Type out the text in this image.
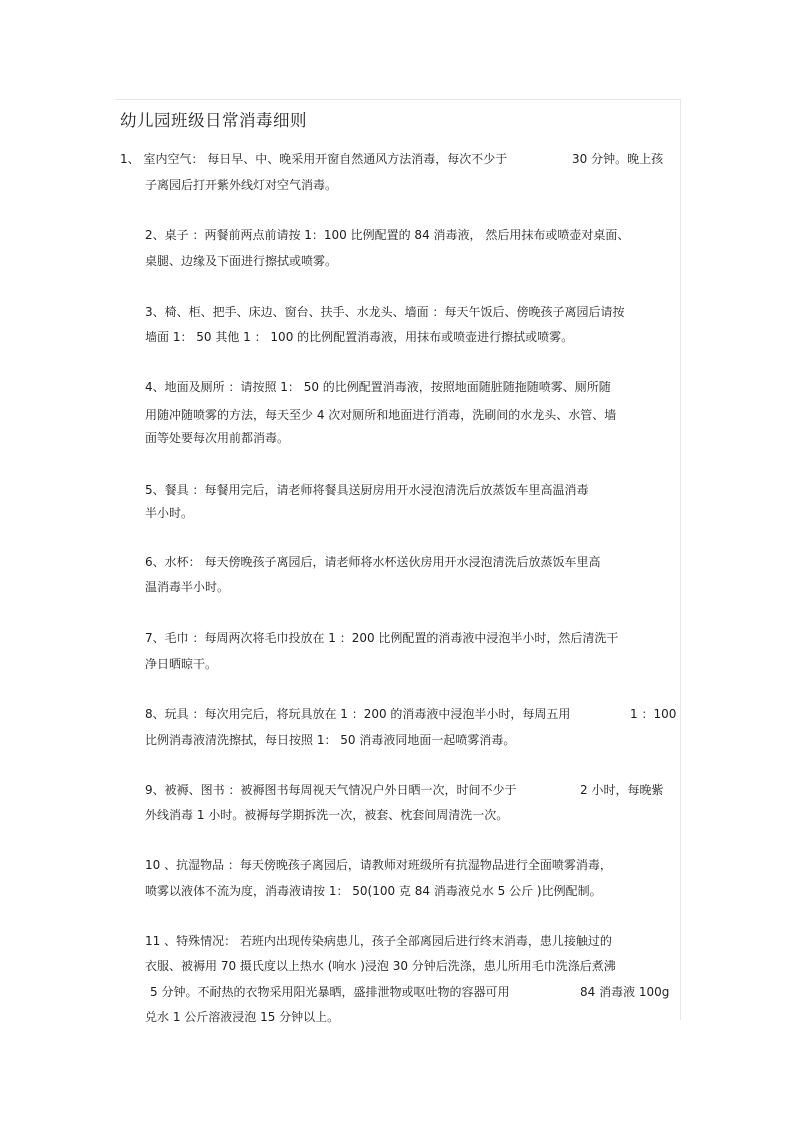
幼儿园班级日常消毒细则
1、 室内空气： 每日早、中、晚采用开窗自然通风方法消毒，每次不少于	30 分钟。晚上孩
子离园后打开紫外线灯对空气消毒。
2、桌子 ：两餐前两点前请按 1：100 比例配置的 84 消毒液， 然后用抹布或喷壶对桌面、
桌腿、边缘及下面进行擦拭或喷雾。
3、椅、柜、把手、床边、窗台、扶手、水龙头、墙面 ：每天午饭后、傍晚孩子离园后请按
墙面 1： 50 其他 1 ： 100 的比例配置消毒液，用抹布或喷壶进行擦拭或喷雾。
4、地面及厕所 ：请按照 1： 50 的比例配置消毒液，按照地面随脏随拖随喷雾、厕所随
用随冲随喷雾的方法，每天至少 4 次对厕所和地面进行消毒，洗刷间的水龙头、水管、墙
面等处要每次用前都消毒。
5、餐具 ：每餐用完后，请老师将餐具送厨房用开水浸泡清洗后放蒸饭车里高温消毒
半小时。
6、水杯： 每天傍晚孩子离园后，请老师将水杯送伙房用开水浸泡清洗后放蒸饭车里高
温消毒半小时。
7、毛巾 ：每周两次将毛巾投放在 1 ：200 比例配置的消毒液中浸泡半小时，然后清洗干
净日晒晾干。
8、玩具 ：每次用完后，将玩具放在 1 ：200 的消毒液中浸泡半小时，每周五用	1 ：100
比例消毒液清洗擦拭，每日按照 1： 50 消毒液同地面一起喷雾消毒。
9、被褥、图书 ：被褥图书每周视天气情况户外日晒一次，时间不少于	2 小时，每晚紫
外线消毒 1 小时。被褥每学期拆洗一次，被套、枕套间周清洗一次。
10 、抗湿物品 ：每天傍晚孩子离园后，请教师对班级所有抗湿物品进行全面喷雾消毒，
喷雾以液体不流为度，消毒液请按 1： 50(100 克 84 消毒液兑水 5 公斤 )比例配制。
11 、特殊情况： 若班内出现传染病患儿，孩子全部离园后进行终末消毒，患儿接触过的
衣服、被褥用 70 摄氏度以上热水 (响水 )浸泡 30 分钟后洗涤，患儿所用毛巾洗涤后煮沸
5 分钟。不耐热的衣物采用阳光暴晒，盛排泄物或呕吐物的容器可用	84 消毒液 100g
兑水 1 公斤溶液浸泡 15 分钟以上。
